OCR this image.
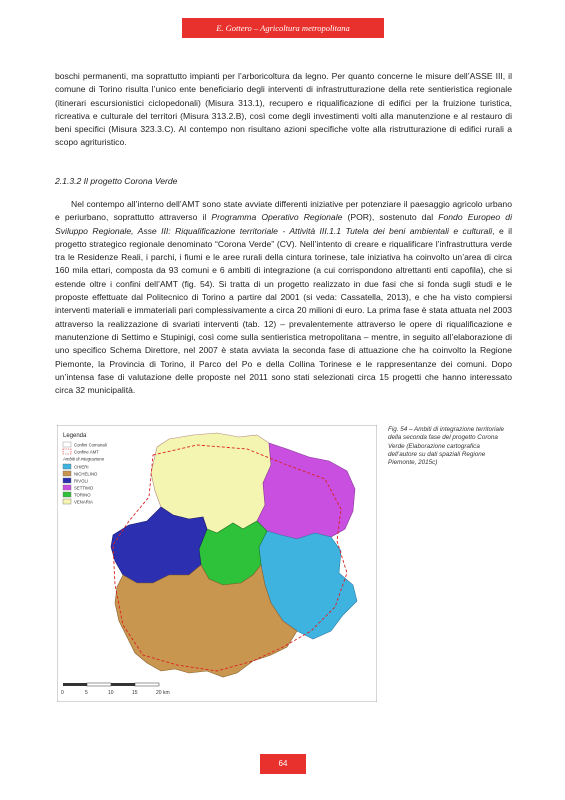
E. Gottero – Agricoltura metropolitana
boschi permanenti, ma soprattutto impianti per l’arboricoltura da legno. Per quanto concerne le misure dell’ASSE III, il comune di Torino risulta l’unico ente beneficiario degli interventi di infrastrutturazione della rete sentieristica regionale (itinerari escursionistici ciclopedonali) (Misura 313.1), recupero e riqualificazione di edifici per la fruizione turistica, ricreativa e culturale del territori (Misura 313.2.B), così come degli investimenti volti alla manutenzione e al restauro di beni specifici (Misura 323.3.C). Al contempo non risultano azioni specifiche volte alla ristrutturazione di edifici rurali a scopo agrituristico.
2.1.3.2 Il progetto Corona Verde
Nel contempo all’interno dell’AMT sono state avviate differenti iniziative per potenziare il paesaggio agricolo urbano e periurbano, soprattutto attraverso il Programma Operativo Regionale (POR), sostenuto dal Fondo Europeo di Sviluppo Regionale, Asse III: Riqualificazione territoriale - Attività III.1.1 Tutela dei beni ambientali e culturali, e il progetto strategico regionale denominato “Corona Verde” (CV). Nell’intento di creare e riqualificare l’infrastruttura verde tra le Residenze Reali, i parchi, i fiumi e le aree rurali della cintura torinese, tale iniziativa ha coinvolto un’area di circa 160 mila ettari, composta da 93 comuni e 6 ambiti di integrazione (a cui corrispondono altrettanti enti capofila), che si estende oltre i confini dell’AMT (fig. 54). Si tratta di un progetto realizzato in due fasi che si fonda sugli studi e le proposte effettuate dal Politecnico di Torino a partire dal 2001 (si veda: Cassatella, 2013), e che ha visto compiersi interventi materiali e immateriali pari complessivamente a circa 20 milioni di euro. La prima fase è stata attuata nel 2003 attraverso la realizzazione di svariati interventi (tab. 12) – prevalentemente attraverso le opere di riqualificazione e manutenzione di Settimo e Stupinigi, così come sulla sentieristica metropolitana – mentre, in seguito all’elaborazione di uno specifico Schema Direttore, nel 2007 è stata avviata la seconda fase di attuazione che ha coinvolto la Regione Piemonte, la Provincia di Torino, il Parco del Po e della Collina Torinese e le rappresentanze dei comuni. Dopo un’intensa fase di valutazione delle proposte nel 2011 sono stati selezionati circa 15 progetti che hanno interessato circa 32 municipalità.
Legenda
Confini Comunali
Confine AMT
Ambiti di integrazione
CHIERI
NICHELINO
RIVOLI
SETTIMO
TORINO
VENARIA
0	5	10	15	20 km
Fig. 54 – Ambiti di integrazione territoriale della seconda fase del progetto Corona Verde (Elaborazione cartografica dell’autore su dati spaziali Regione Piemonte, 2015c)
64
